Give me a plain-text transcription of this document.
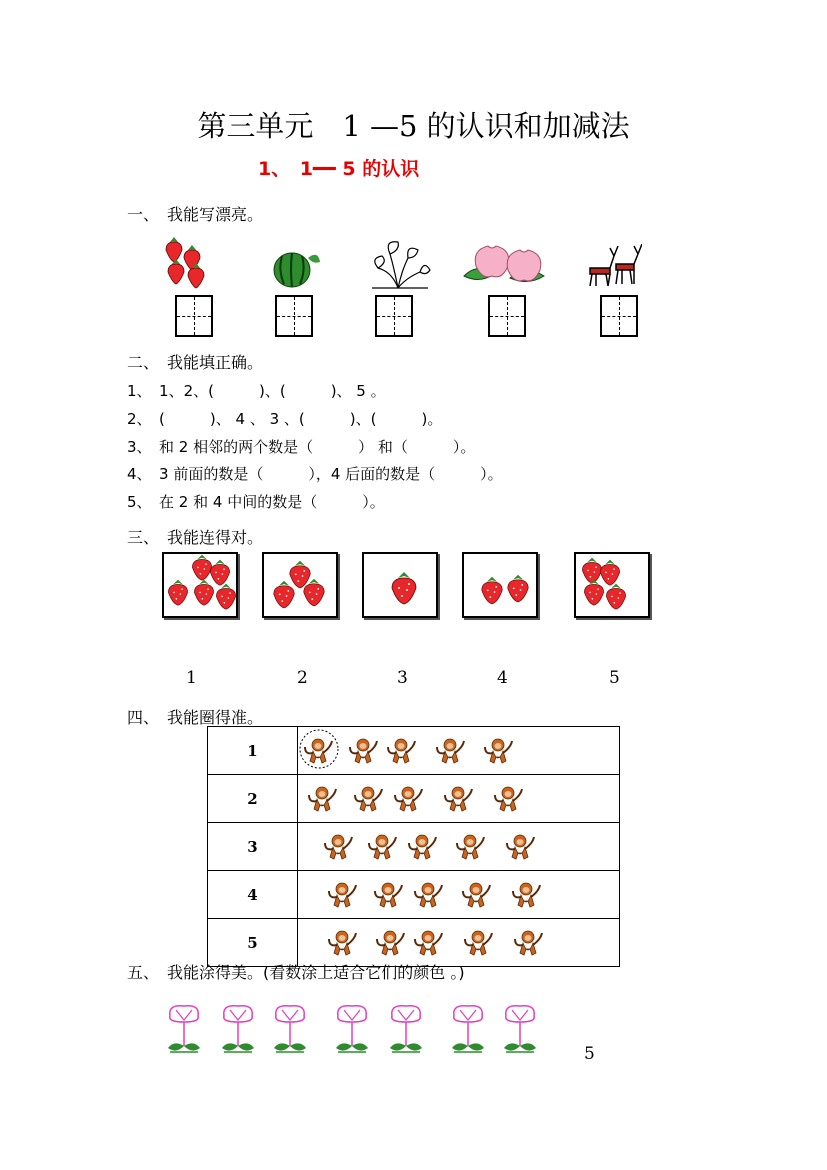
第三单元　1 —5 的认识和加减法
1、　1━━ 5 的认识
一、　我能写漂亮。
二、　我能填正确。
1、　1、2、(　　　)、(　　　)、 5 。
2、　(　　　)、 4 、 3 、(　　　)、(　　　)。
3、　和 2 相邻的两个数是（　　　） 和（　　　）。
4、　3 前面的数是（　　　），4 后面的数是（　　　）。
5、　在 2 和 4 中间的数是（　　　）。
三、　我能连得对。
1	2	3	4	5
四、　我能圈得准。
1	
2	
3	
4	
5	
五、　我能涂得美。(看数涂上适合它们的颜色 。)
5
